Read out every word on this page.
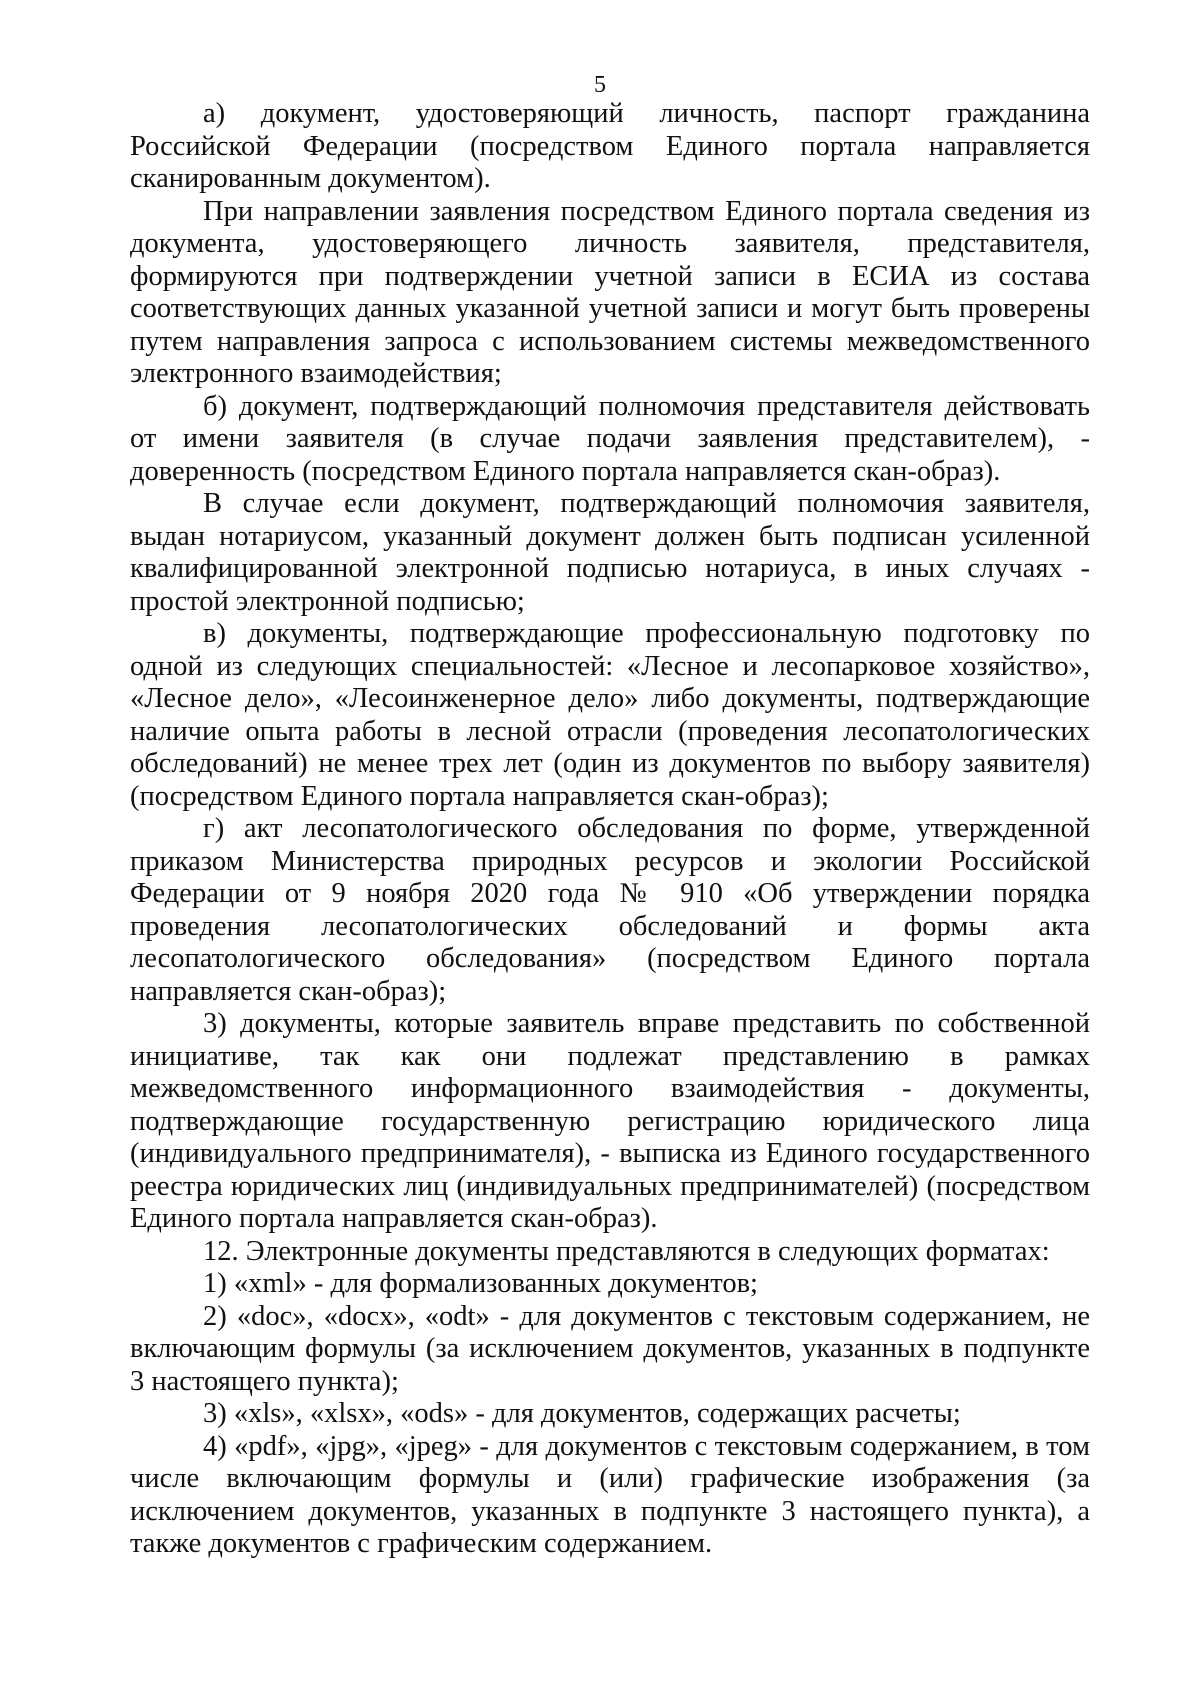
5

а) документ, удостоверяющий личность, паспорт гражданина Российской Федерации (посредством Единого портала направляется сканированным документом).

При направлении заявления посредством Единого портала сведения из документа, удостоверяющего личность заявителя, представителя, формируются при подтверждении учетной записи в ЕСИА из состава соответствующих данных указанной учетной записи и могут быть проверены путем направления запроса с использованием системы межведомственного электронного взаимодействия;

б) документ, подтверждающий полномочия представителя действовать от имени заявителя (в случае подачи заявления представителем), - доверенность (посредством Единого портала направляется скан-образ).

В случае если документ, подтверждающий полномочия заявителя, выдан нотариусом, указанный документ должен быть подписан усиленной квалифицированной электронной подписью нотариуса, в иных случаях - простой электронной подписью;

в) документы, подтверждающие профессиональную подготовку по одной из следующих специальностей: «Лесное и лесопарковое хозяйство», «Лесное дело», «Лесоинженерное дело» либо документы, подтверждающие наличие опыта работы в лесной отрасли (проведения лесопатологических обследований) не менее трех лет (один из документов по выбору заявителя) (посредством Единого портала направляется скан-образ);

г) акт лесопатологического обследования по форме, утвержденной приказом Министерства природных ресурсов и экологии Российской Федерации от 9 ноября 2020 года № 910 «Об утверждении порядка проведения лесопатологических обследований и формы акта лесопатологического обследования» (посредством Единого портала направляется скан-образ);

3) документы, которые заявитель вправе представить по собственной инициативе, так как они подлежат представлению в рамках межведомственного информационного взаимодействия - документы, подтверждающие государственную регистрацию юридического лица (индивидуального предпринимателя), - выписка из Единого государственного реестра юридических лиц (индивидуальных предпринимателей) (посредством Единого портала направляется скан-образ).

12. Электронные документы представляются в следующих форматах:

1) «xml» - для формализованных документов;

2) «doc», «docx», «odt» - для документов с текстовым содержанием, не включающим формулы (за исключением документов, указанных в подпункте 3 настоящего пункта);

3) «xls», «xlsx», «ods» - для документов, содержащих расчеты;

4) «pdf», «jpg», «jpeg» - для документов с текстовым содержанием, в том числе включающим формулы и (или) графические изображения (за исключением документов, указанных в подпункте 3 настоящего пункта), а также документов с графическим содержанием.
